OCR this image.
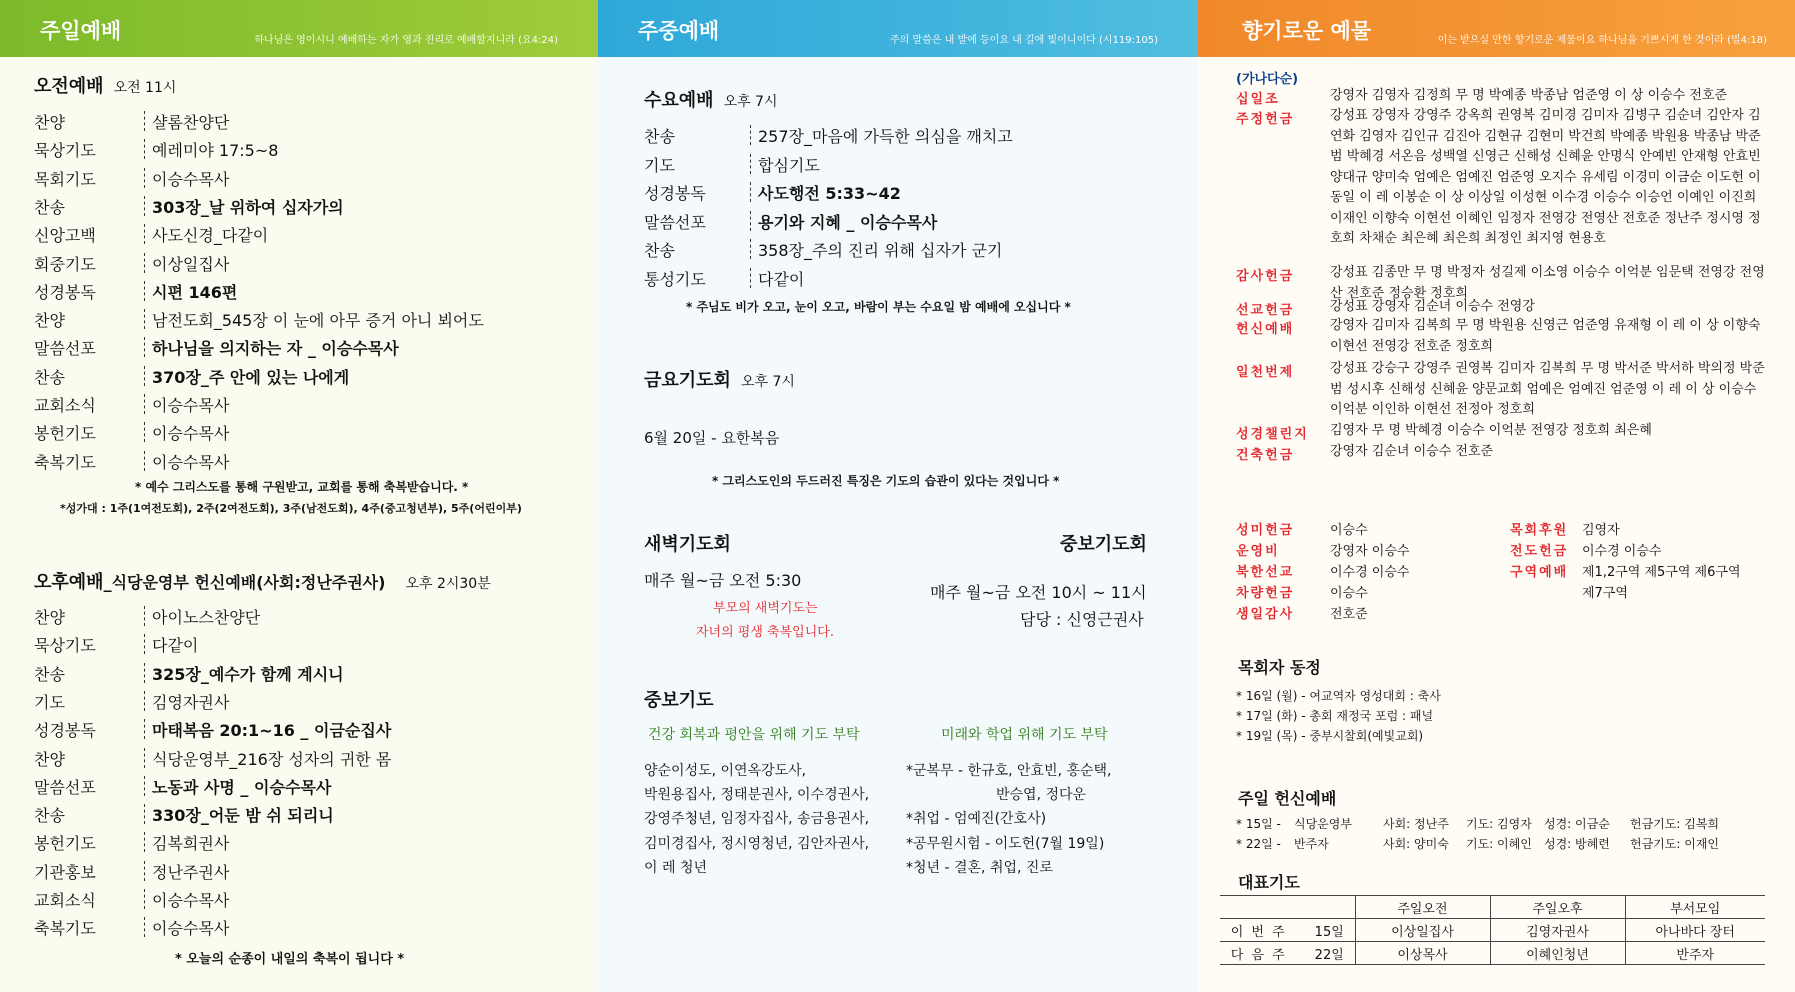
주일예배	하나님은 영이시니 예배하는 자가 영과 진리로 예배할지니라 (요4:24)
오전예배 오전 11시
찬양	샬롬찬양단
묵상기도	예레미야 17:5~8
목회기도	이승수목사
찬송	303장_날 위하여 십자가의
신앙고백	사도신경_다같이
회중기도	이상일집사
성경봉독	시편 146편
찬양	남전도회_545장 이 눈에 아무 증거 아니 뵈어도
말씀선포	하나님을 의지하는 자 _ 이승수목사
찬송	370장_주 안에 있는 나에게
교회소식	이승수목사
봉헌기도	이승수목사
축복기도	이승수목사
* 예수 그리스도를 통해 구원받고, 교회를 통해 축복받습니다. *
*성가대 : 1주(1여전도회), 2주(2여전도회), 3주(남전도회), 4주(중고청년부), 5주(어린이부)
오후예배_식당운영부 헌신예배(사회:정난주권사) 오후 2시30분
찬양	아이노스찬양단
묵상기도	다같이
찬송	325장_예수가 함께 계시니
기도	김영자권사
성경봉독	마태복음 20:1~16 _ 이금순집사
찬양	식당운영부_216장 성자의 귀한 몸
말씀선포	노동과 사명 _ 이승수목사
찬송	330장_어둔 밤 쉬 되리니
봉헌기도	김복희권사
기관홍보	정난주권사
교회소식	이승수목사
축복기도	이승수목사
* 오늘의 순종이 내일의 축복이 됩니다 *
주중예배	주의 말씀은 내 발에 등이요 내 길에 빛이니이다 (시119:105)
수요예배 오후 7시
찬송	257장_마음에 가득한 의심을 깨치고
기도	합심기도
성경봉독	사도행전 5:33~42
말씀선포	용기와 지혜 _ 이승수목사
찬송	358장_주의 진리 위해 십자가 군기
통성기도	다같이
* 주님도 비가 오고, 눈이 오고, 바람이 부는 수요일 밤 예배에 오십니다 *
금요기도회 오후 7시
6월 20일 - 요한복음
* 그리스도인의 두드러진 특징은 기도의 습관이 있다는 것입니다 *
새벽기도회
매주 월~금 오전 5:30
부모의 새벽기도는
자녀의 평생 축복입니다.
중보기도회
매주 월~금 오전 10시 ~ 11시
담당 : 신영근권사
중보기도
건강 회복과 평안을 위해 기도 부탁	미래와 학업 위해 기도 부탁
양순이성도, 이연옥강도사,
박원용집사, 정태분권사, 이수경권사,
강영주청년, 임정자집사, 송금용권사,
김미경집사, 정시영청년, 김안자권사,
이 레 청년
*군복무 - 한규호, 안효빈, 홍순택,
반승엽, 정다운
*취업 - 엄예진(간호사)
*공무원시험 - 이도헌(7월 19일)
*청년 - 결혼, 취업, 진로
향기로운 예물	이는 받으실 만한 향기로운 제물이요 하나님을 기쁘시게 한 것이라 (빌4:18)
(가나다순)
십일조	강영자 김영자 김정희 무 명 박예종 박종남 엄준영 이 상 이승수 전호준
주정헌금	강성표 강영자 강영주 강옥희 권영복 김미경 김미자 김병구 김순녀 김안자 김연화 김영자 김인규 김진아 김현규 김현미 박건희 박예종 박원용 박종남 박준범 박혜경 서온음 성백열 신영근 신해성 신혜윤 안명식 안예빈 안재형 안효빈 양대규 양미숙 엄예은 엄예진 엄준영 오지수 유세림 이경미 이금순 이도헌 이동일 이 레 이봉순 이 상 이상일 이성현 이수경 이승수 이승언 이예인 이진희 이재인 이향숙 이현선 이혜인 임정자 전영강 전영산 전호준 정난주 정시영 정호희 차채순 최은혜 최은희 최정인 최지영 현용호
감사헌금	강성표 김종만 무 명 박정자 성길제 이소영 이승수 이억분 임문택 전영강 전영산 전호준 정승환 정호희
선교헌금	강성표 강영자 김순녀 이승수 전영강
헌신예배	강영자 김미자 김복희 무 명 박원용 신영근 엄준영 유재형 이 레 이 상 이향숙 이현선 전영강 전호준 정호희
일천번제	강성표 강승구 강영주 권영복 김미자 김복희 무 명 박서준 박서하 박의정 박준범 성시후 신해성 신혜윤 양문교회 엄예은 엄예진 엄준영 이 레 이 상 이승수 이억분 이인하 이현선 전정아 정호희
성경챌린지 김영자 무 명 박혜경 이승수 이억분 전영강 정호희 최은혜
건축헌금	강영자 김순녀 이승수 전호준
성미헌금	이승수
운영비	강영자 이승수
북한선교	이수경 이승수
차량헌금	이승수
생일감사	전호준
목회후원 김영자
전도헌금 이수경 이승수
구역예배 제1,2구역 제5구역 제6구역
제7구역
목회자 동정
* 16일 (월) - 여교역자 영성대회 : 축사
* 17일 (화) - 총회 재정국 포럼 : 패널
* 19일 (목) - 중부시찰회(예빛교회)
주일 헌신예배
* 15일 - 식당운영부	사회: 정난주 기도: 김영자 성경: 이금순 헌금기도: 김복희
* 22일 - 반주자	사회: 양미숙 기도: 이혜인 성경: 방혜련 헌금기도: 이재인
대표기도
	주일오전	주일오후	부서모임
이 번 주 15일	이상일집사	김영자권사	아나바다 장터
다 음 주 22일	이상목사	이혜인청년	반주자
